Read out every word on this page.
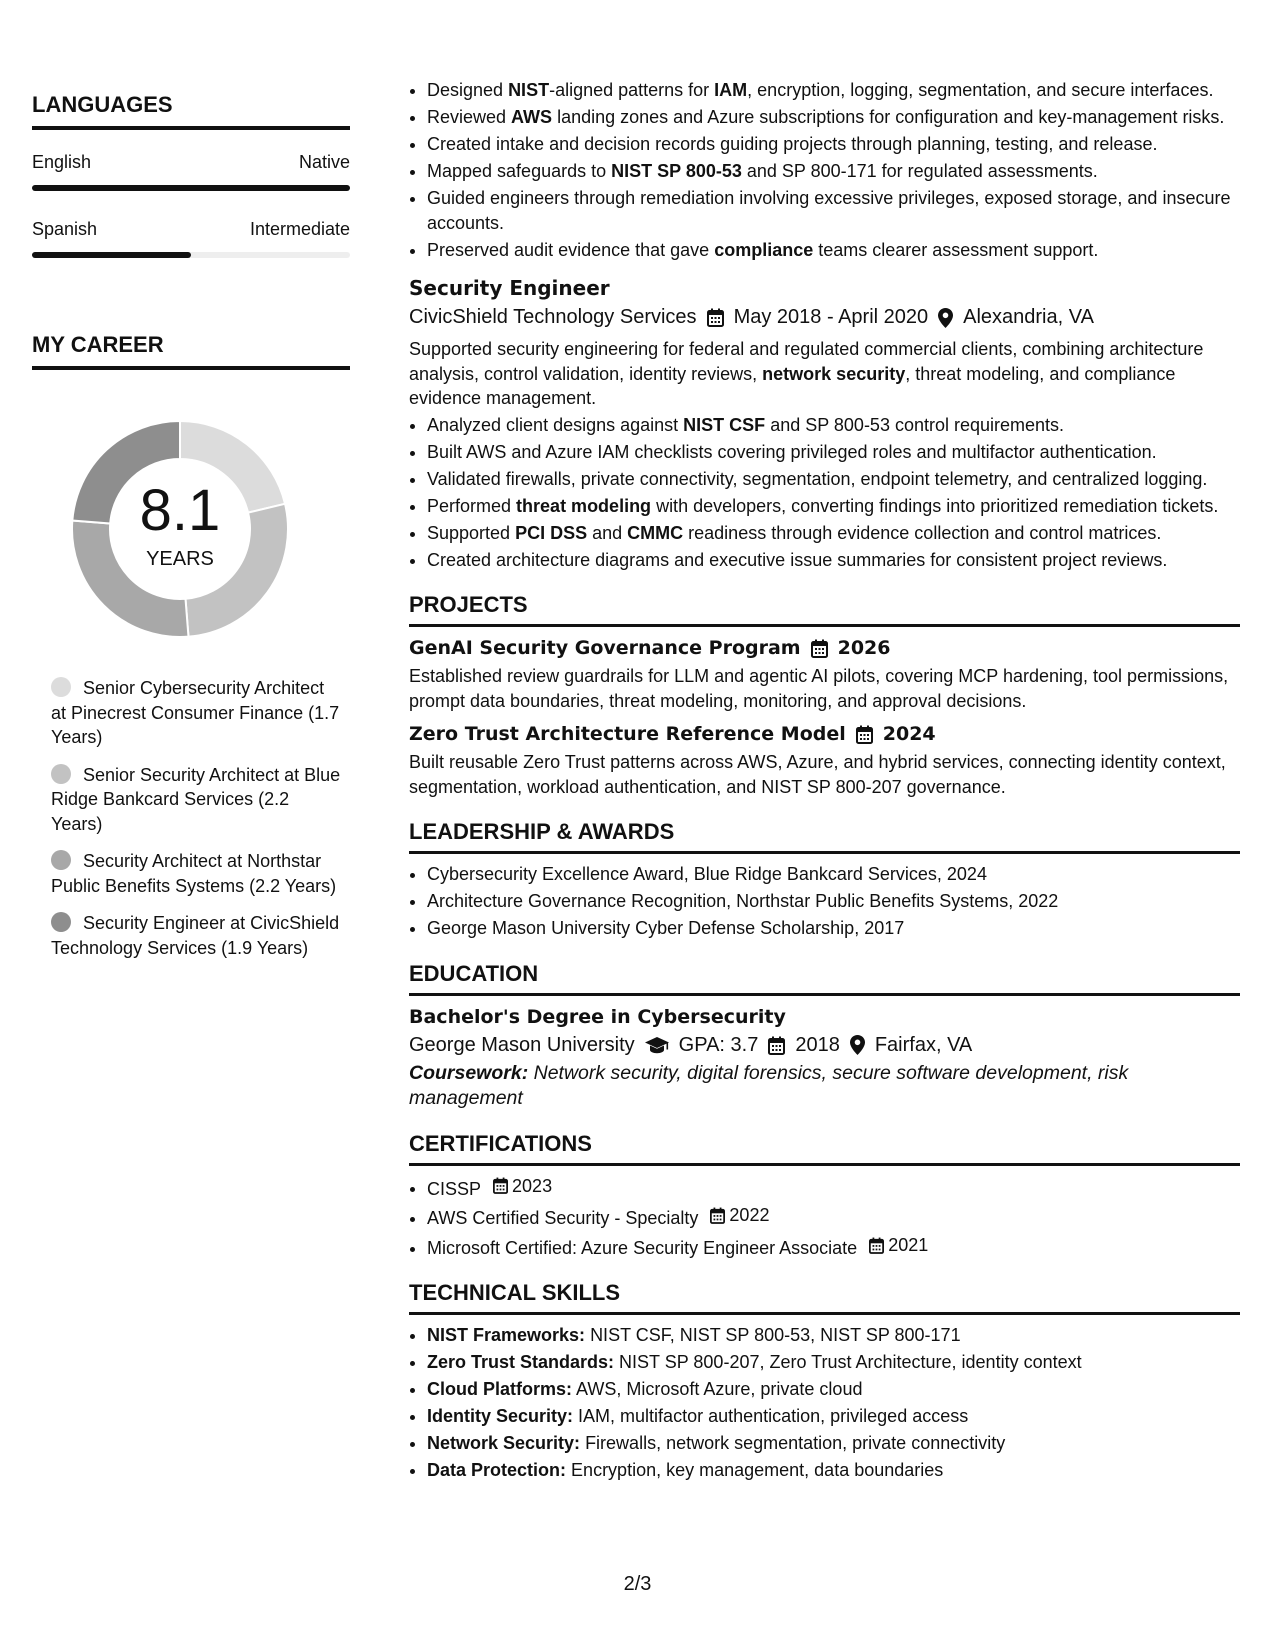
LANGUAGES
English	Native
Spanish	Intermediate
MY CAREER
8.1
YEARS
Senior Cybersecurity Architect at Pinecrest Consumer Finance (1.7 Years)
Senior Security Architect at Blue Ridge Bankcard Services (2.2 Years)
Security Architect at Northstar Public Benefits Systems (2.2 Years)
Security Engineer at CivicShield Technology Services (1.9 Years)
• Designed NIST-aligned patterns for IAM, encryption, logging, segmentation, and secure interfaces.
• Reviewed AWS landing zones and Azure subscriptions for configuration and key-management risks.
• Created intake and decision records guiding projects through planning, testing, and release.
• Mapped safeguards to NIST SP 800-53 and SP 800-171 for regulated assessments.
• Guided engineers through remediation involving excessive privileges, exposed storage, and insecure accounts.
• Preserved audit evidence that gave compliance teams clearer assessment support.
Security Engineer
CivicShield Technology Services May 2018 - April 2020 Alexandria, VA
Supported security engineering for federal and regulated commercial clients, combining architecture analysis, control validation, identity reviews, network security, threat modeling, and compliance evidence management.
• Analyzed client designs against NIST CSF and SP 800-53 control requirements.
• Built AWS and Azure IAM checklists covering privileged roles and multifactor authentication.
• Validated firewalls, private connectivity, segmentation, endpoint telemetry, and centralized logging.
• Performed threat modeling with developers, converting findings into prioritized remediation tickets.
• Supported PCI DSS and CMMC readiness through evidence collection and control matrices.
• Created architecture diagrams and executive issue summaries for consistent project reviews.
PROJECTS
GenAI Security Governance Program 2026
Established review guardrails for LLM and agentic AI pilots, covering MCP hardening, tool permissions, prompt data boundaries, threat modeling, monitoring, and approval decisions.
Zero Trust Architecture Reference Model 2024
Built reusable Zero Trust patterns across AWS, Azure, and hybrid services, connecting identity context, segmentation, workload authentication, and NIST SP 800-207 governance.
LEADERSHIP & AWARDS
• Cybersecurity Excellence Award, Blue Ridge Bankcard Services, 2024
• Architecture Governance Recognition, Northstar Public Benefits Systems, 2022
• George Mason University Cyber Defense Scholarship, 2017
EDUCATION
Bachelor's Degree in Cybersecurity
George Mason University GPA: 3.7 2018 Fairfax, VA
Coursework: Network security, digital forensics, secure software development, risk management
CERTIFICATIONS
• CISSP 2023
• AWS Certified Security - Specialty 2022
• Microsoft Certified: Azure Security Engineer Associate 2021
TECHNICAL SKILLS
• NIST Frameworks: NIST CSF, NIST SP 800-53, NIST SP 800-171
• Zero Trust Standards: NIST SP 800-207, Zero Trust Architecture, identity context
• Cloud Platforms: AWS, Microsoft Azure, private cloud
• Identity Security: IAM, multifactor authentication, privileged access
• Network Security: Firewalls, network segmentation, private connectivity
• Data Protection: Encryption, key management, data boundaries
2/3
